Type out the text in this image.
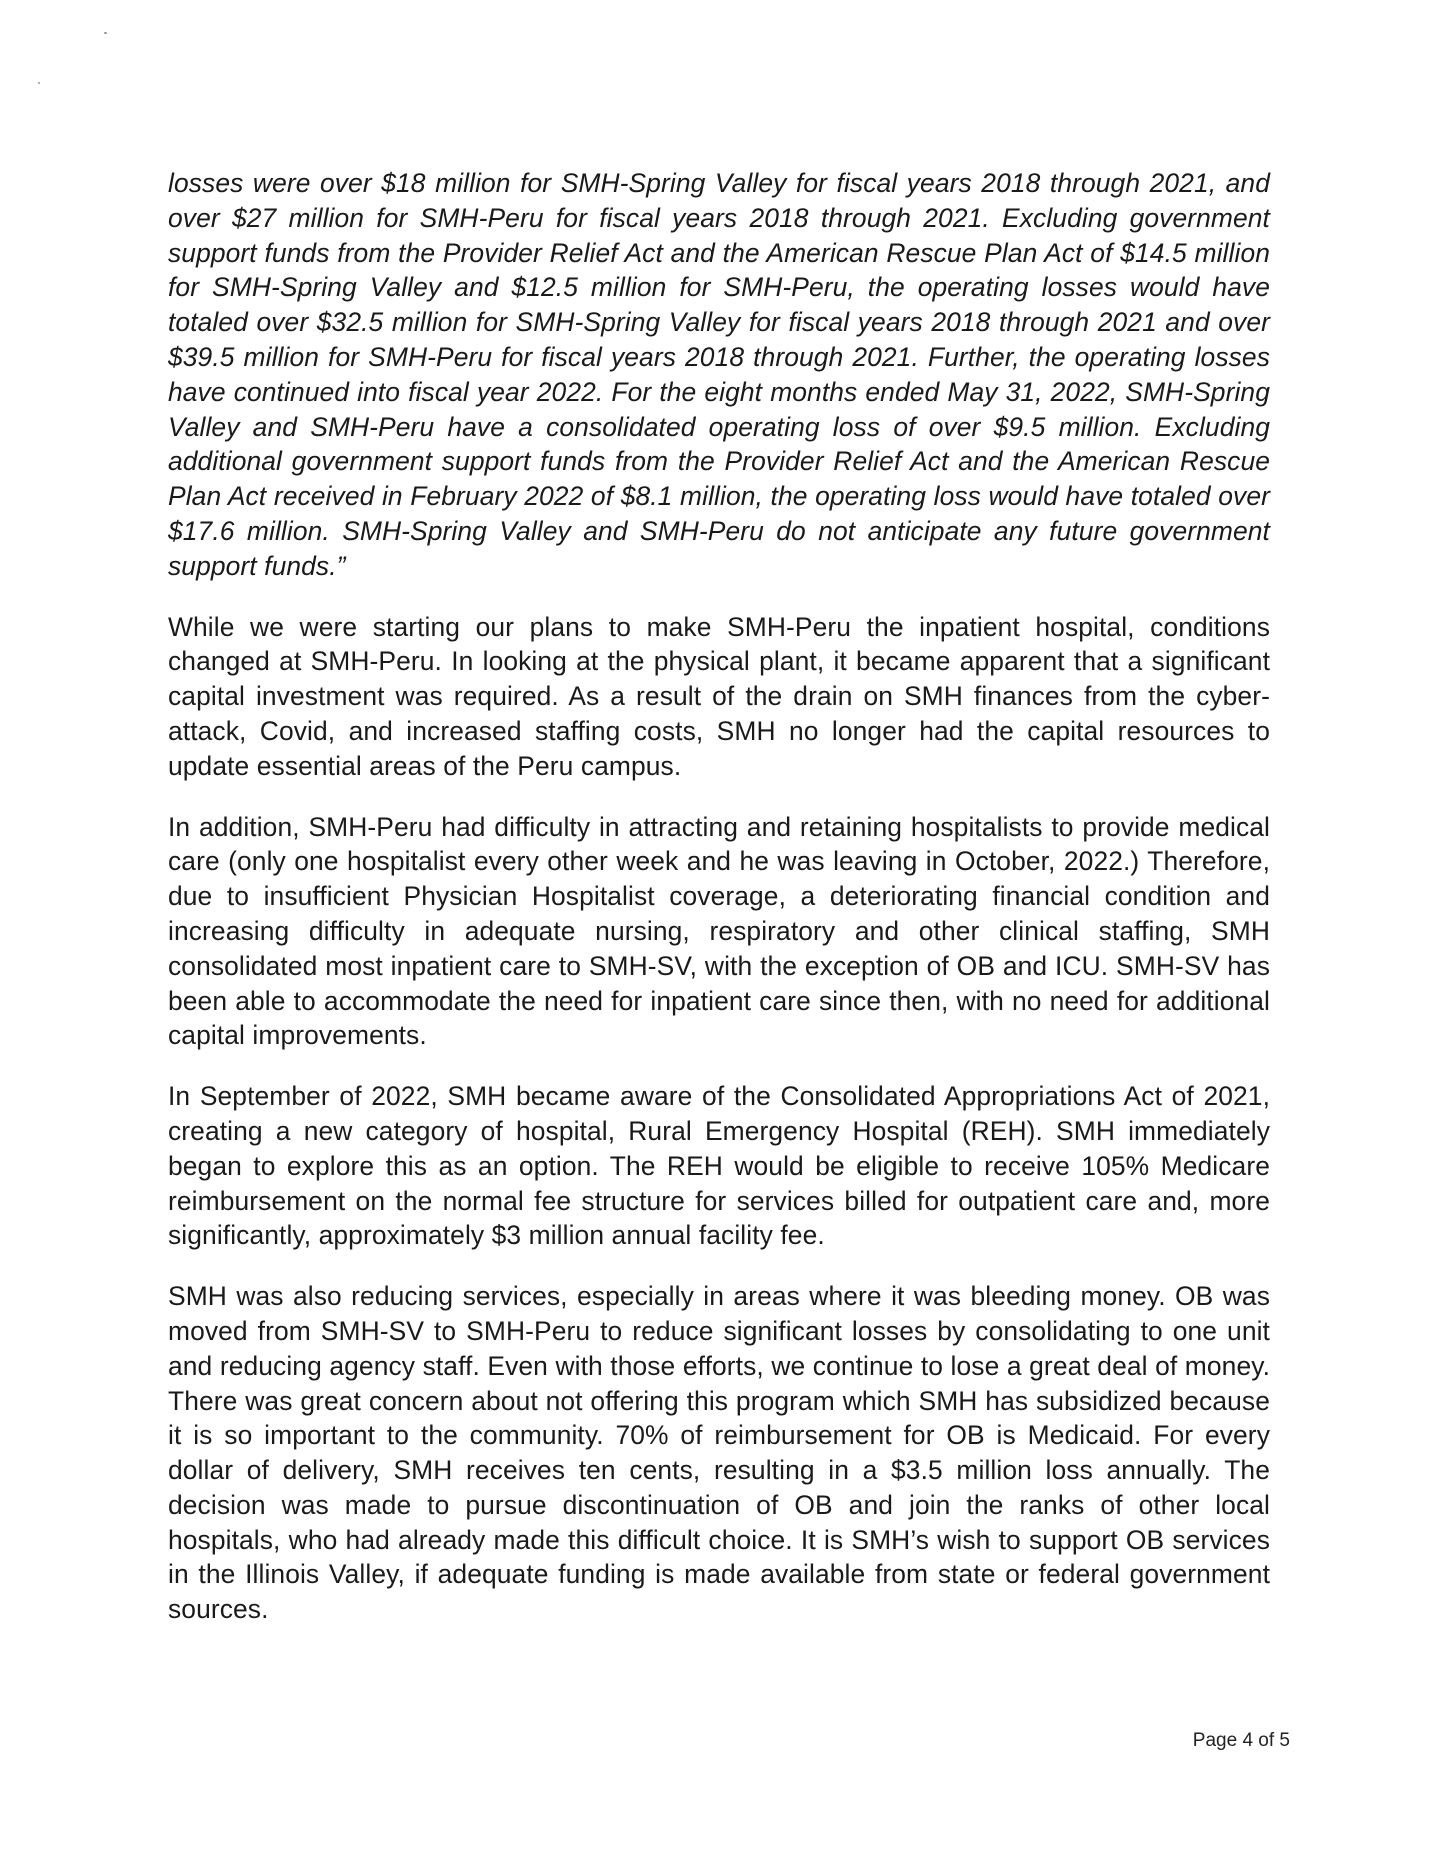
losses were over $18 million for SMH-Spring Valley for fiscal years 2018 through 2021, and over $27 million for SMH-Peru for fiscal years 2018 through 2021. Excluding government support funds from the Provider Relief Act and the American Rescue Plan Act of $14.5 million for SMH-Spring Valley and $12.5 million for SMH-Peru, the operating losses would have totaled over $32.5 million for SMH-Spring Valley for fiscal years 2018 through 2021 and over $39.5 million for SMH-Peru for fiscal years 2018 through 2021. Further, the operating losses have continued into fiscal year 2022. For the eight months ended May 31, 2022, SMH-Spring Valley and SMH-Peru have a consolidated operating loss of over $9.5 million. Excluding additional government support funds from the Provider Relief Act and the American Rescue Plan Act received in February 2022 of $8.1 million, the operating loss would have totaled over $17.6 million. SMH-Spring Valley and SMH-Peru do not anticipate any future government support funds.”

While we were starting our plans to make SMH-Peru the inpatient hospital, conditions changed at SMH-Peru. In looking at the physical plant, it became apparent that a significant capital investment was required. As a result of the drain on SMH finances from the cyber-attack, Covid, and increased staffing costs, SMH no longer had the capital resources to update essential areas of the Peru campus.

In addition, SMH-Peru had difficulty in attracting and retaining hospitalists to provide medical care (only one hospitalist every other week and he was leaving in October, 2022.) Therefore, due to insufficient Physician Hospitalist coverage, a deteriorating financial condition and increasing difficulty in adequate nursing, respiratory and other clinical staffing, SMH consolidated most inpatient care to SMH-SV, with the exception of OB and ICU. SMH-SV has been able to accommodate the need for inpatient care since then, with no need for additional capital improvements.

In September of 2022, SMH became aware of the Consolidated Appropriations Act of 2021, creating a new category of hospital, Rural Emergency Hospital (REH). SMH immediately began to explore this as an option. The REH would be eligible to receive 105% Medicare reimbursement on the normal fee structure for services billed for outpatient care and, more significantly, approximately $3 million annual facility fee.

SMH was also reducing services, especially in areas where it was bleeding money. OB was moved from SMH-SV to SMH-Peru to reduce significant losses by consolidating to one unit and reducing agency staff. Even with those efforts, we continue to lose a great deal of money. There was great concern about not offering this program which SMH has subsidized because it is so important to the community. 70% of reimbursement for OB is Medicaid. For every dollar of delivery, SMH receives ten cents, resulting in a $3.5 million loss annually. The decision was made to pursue discontinuation of OB and join the ranks of other local hospitals, who had already made this difficult choice. It is SMH’s wish to support OB services in the Illinois Valley, if adequate funding is made available from state or federal government sources.

Page 4 of 5
